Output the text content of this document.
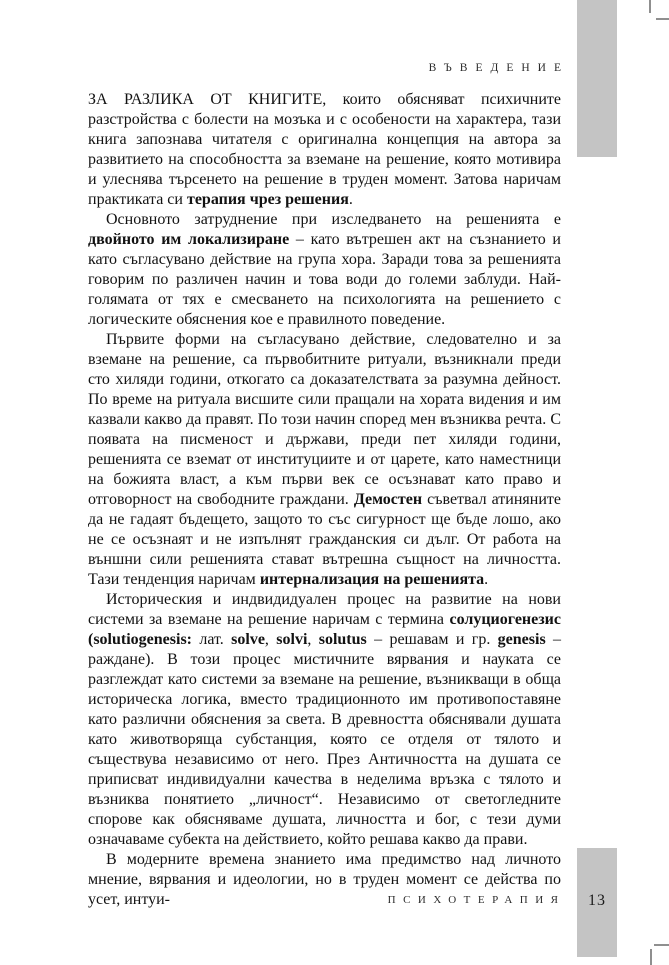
ВЪВЕДЕНИЕ

ЗА РАЗЛИКА ОТ КНИГИТЕ, които обясняват психичните разстройства с болести на мозъка и с особености на характера, тази книга запознава читателя с оригинална концепция на автора за развитието на способността за вземане на решение, която мотивира и улеснява търсенето на решение в труден момент. Затова наричам практиката си терапия чрез решения.

Основното затруднение при изследването на решенията е двойното им локализиране – като вътрешен акт на съзнанието и като съгласувано действие на група хора. Заради това за решенията говорим по различен начин и това води до големи заблуди. Най-голямата от тях е смесването на психологията на решението с логическите обяснения кое е правилното поведение.

Първите форми на съгласувано действие, следователно и за вземане на решение, са първобитните ритуали, възникнали преди сто хиляди години, откогато са доказателствата за разумна дейност. По време на ритуала висшите сили пращали на хората видения и им казвали какво да правят. По този начин според мен възниква речта. С появата на писменост и държави, преди пет хиляди години, решенията се вземат от институциите и от царете, като наместници на божията власт, а към първи век се осъзнават като право и отговорност на свободните граждани. Демостен съветвал атиняните да не гадаят бъдещето, защото то със сигурност ще бъде лошо, ако не се осъзнаят и не изпълнят гражданския си дълг. От работа на външни сили решенията стават вътрешна същност на личността. Тази тенденция наричам интернализация на решенията.

Историческия и индвидидуален процес на развитие на нови системи за вземане на решение наричам с термина солуциогенезис (solutiogenesis: лат. solve, solvi, solutus – решавам и гр. genesis – раждане). В този процес мистичните вярвания и науката се разглеждат като системи за вземане на решение, възникващи в обща историческа логика, вместо традиционното им противопоставяне като различни обяснения за света. В древността обяснявали душата като животворяща субстанция, която се отделя от тялото и съществува независимо от него. През Античността на душата се приписват индивидуални качества в неделима връзка с тялото и възниква понятието „личност“. Независимо от светогледните спорове как обясняваме душата, личността и бог, с тези думи означаваме субекта на действието, който решава какво да прави.

В модерните времена знанието има предимство над личното мнение, вярвания и идеологии, но в труден момент се действа по усет, интуи-	ПСИХОТЕРАПИЯ	13
